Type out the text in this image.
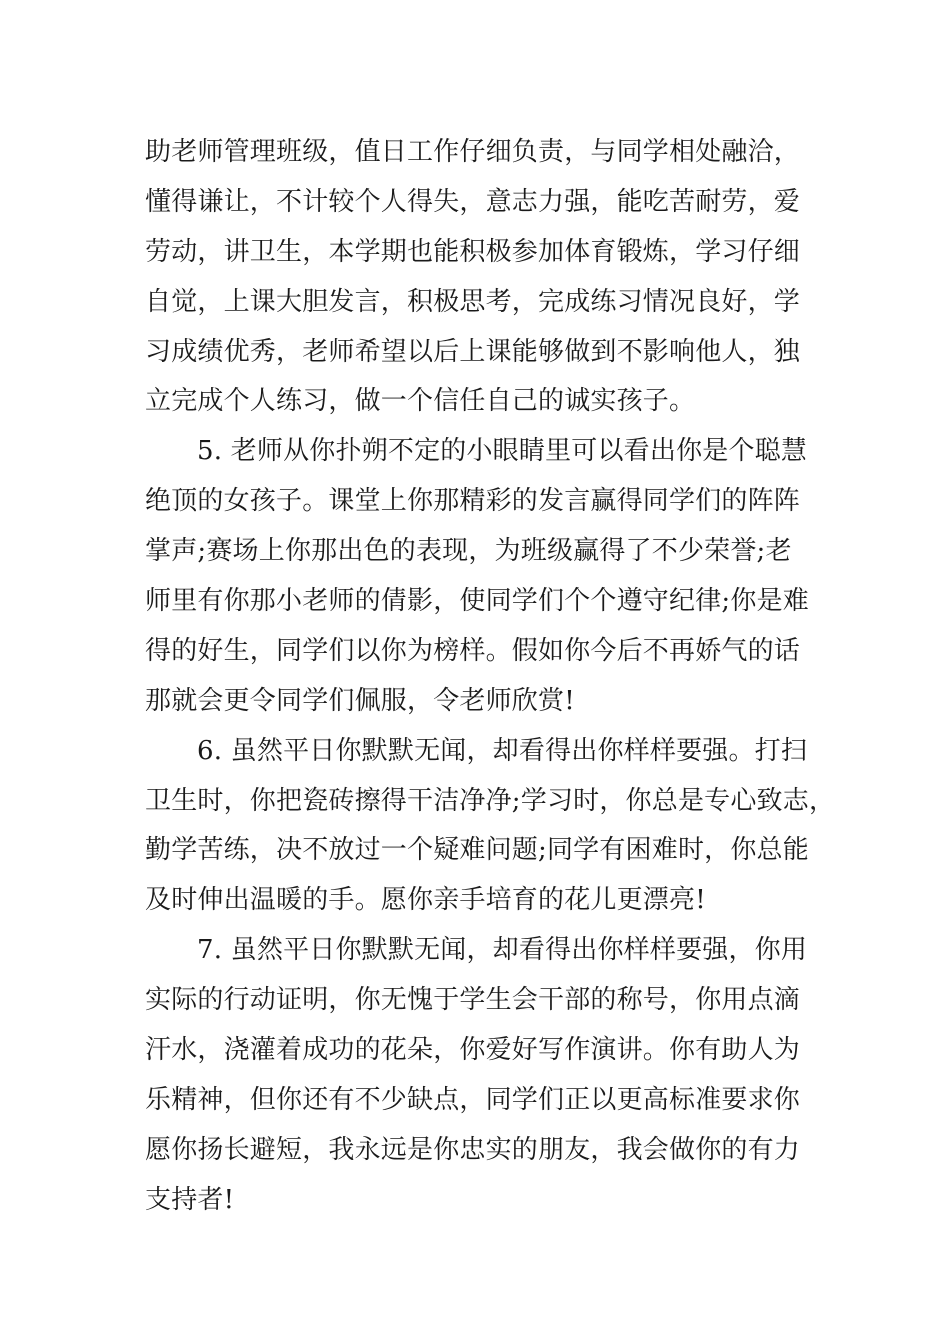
助老师管理班级，值日工作仔细负责，与同学相处融洽，
懂得谦让，不计较个人得失，意志力强，能吃苦耐劳，爱
劳动，讲卫生，本学期也能积极参加体育锻炼，学习仔细
自觉，上课大胆发言，积极思考，完成练习情况良好，学
习成绩优秀，老师希望以后上课能够做到不影响他人，独
立完成个人练习，做一个信任自己的诚实孩子。
5. 老师从你扑朔不定的小眼睛里可以看出你是个聪慧
绝顶的女孩子。课堂上你那精彩的发言赢得同学们的阵阵
掌声;赛场上你那出色的表现，为班级赢得了不少荣誉;老
师里有你那小老师的倩影，使同学们个个遵守纪律;你是难
得的好生，同学们以你为榜样。假如你今后不再娇气的话
那就会更令同学们佩服，令老师欣赏!
6. 虽然平日你默默无闻，却看得出你样样要强。打扫
卫生时，你把瓷砖擦得干洁净净;学习时，你总是专心致志，
勤学苦练，决不放过一个疑难问题;同学有困难时，你总能
及时伸出温暖的手。愿你亲手培育的花儿更漂亮!
7. 虽然平日你默默无闻，却看得出你样样要强，你用
实际的行动证明，你无愧于学生会干部的称号，你用点滴
汗水，浇灌着成功的花朵，你爱好写作演讲。你有助人为
乐精神，但你还有不少缺点，同学们正以更高标准要求你
愿你扬长避短，我永远是你忠实的朋友，我会做你的有力
支持者!
